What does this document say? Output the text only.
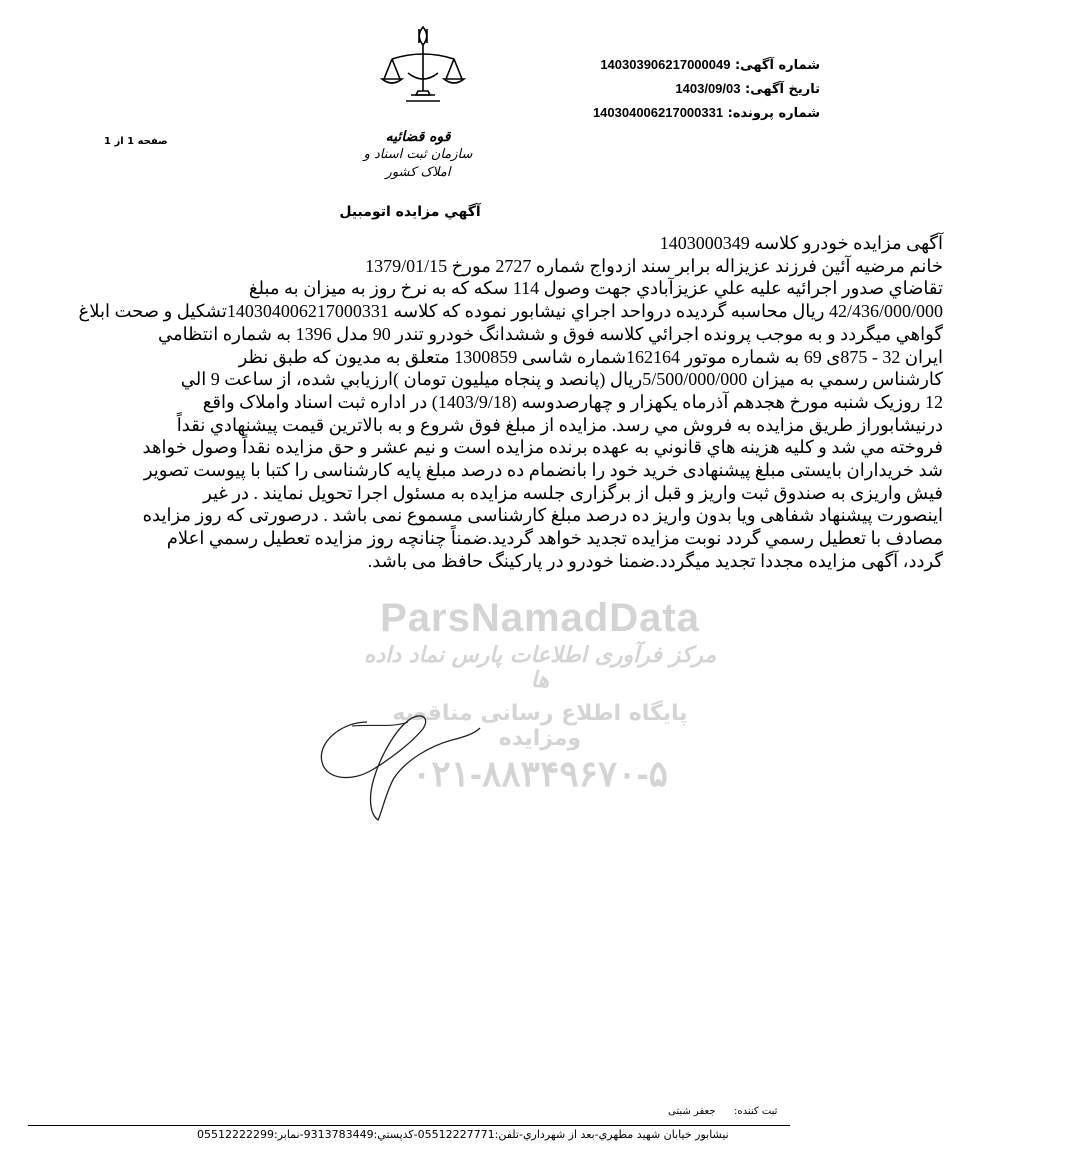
شماره آگهی: 14030390621700004‌9
تاریخ آگهی: 1403/09/03
شماره پرونده: 140304006217000331
صفحه 1 از 1	قوه قضائیه
سازمان ثبت اسناد و املاک کشور
آگهي مزايده اتومبيل
آگهی مزایده خودرو کلاسه 1403000349
خانم مرضیه آئین فرزند عزیزاله برابر سند ازدواج شماره 2727 مورخ 1379/01/15
تقاضاي صدور اجرائيه عليه علي عزيزآبادي جهت وصول 114 سكه كه به نرخ روز به ميزان به مبلغ
42/436/000/000 ريال محاسبه گرديده درواحد اجراي نيشابور نموده كه كلاسه 140304006217000331تشكيل و صحت ابلاغ
گواهي ميگردد و به موجب پرونده اجرائي كلاسه فوق و ششدانگ خودرو تندر 90 مدل 1396 به شماره انتظامي
ايران 32 - 875ی 69 به شماره موتور 162164شماره شاسی 1300859 متعلق به مديون كه طبق نظر
كارشناس رسمي به ميزان 5/500/000/000ريال (پانصد و پنجاه ميليون تومان )ارزيابي شده، از ساعت 9 الي
12 روزیک شنبه مورخ هجدهم آذرماه یکهزار و چهارصدوسه (1403/9/18) در اداره ثبت اسناد واملاک واقع
درنيشابوراز طريق مزايده به فروش مي رسد. مزايده از مبلغ فوق شروع و به بالاترين قيمت پيشنهادي نقداً
فروخته مي شد و كليه هزينه هاي قانوني به عهده برنده مزايده است و نيم عشر و حق مزايده نقداً وصول خواهد
شد خريداران بایستی مبلغ پیشنهادی خرید خود را بانضمام ده درصد مبلغ پایه کارشناسی را کتبا با پیوست تصویر
فیش واریزی به صندوق ثبت واریز و قبل از برگزاری جلسه مزایده به مسئول اجرا تحویل نمایند . در غیر
اینصورت پیشنهاد شفاهی ویا بدون واریز ده درصد مبلغ کارشناسی مسموع نمی باشد . درصورتی که روز مزايده
مصادف با تعطيل رسمي گردد نوبت مزايده تجديد خواهد گرديد.ضمناً چنانچه روز مزايده تعطيل رسمي اعلام
گردد، آگهی مزایده مجددا تجدید میگردد.ضمنا خودرو در پارکینگ حافظ می باشد.
ParsNamadData
مرکز فرآوری اطلاعات پارس نماد داده ها
پایگاه اطلاع رسانی مناقصه ومزایده
۰۲۱-۸۸۳۴۹۶۷۰-۵
ثبت کننده:
جعفر شبتی
نيشابور خيابان شهيد مطهري-بعد از شهرداري-تلفن:05512227771-كدپستي:9313783449-نمابر:05512222299
